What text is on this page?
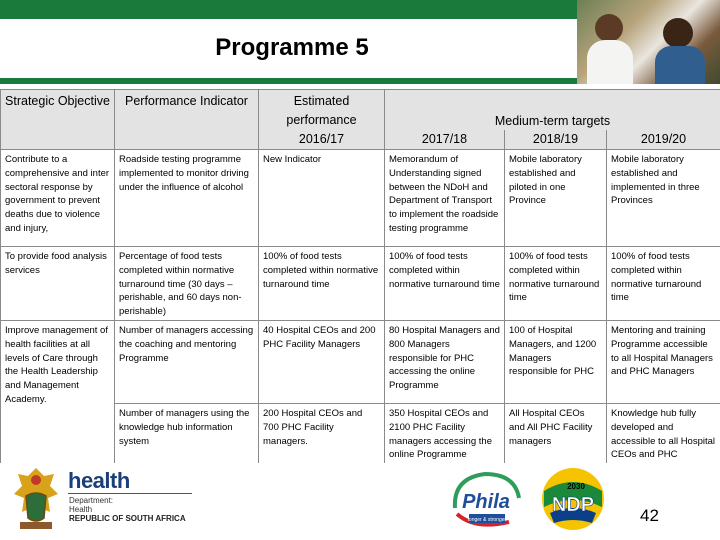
Programme 5
Strategic Objective	Performance Indicator	Estimated performance	Medium-term targets		
		2016/17	2017/18	2018/19	2019/20
Contribute to a comprehensive and inter sectoral response by government to prevent deaths due to violence and injury,	Roadside testing programme implemented to monitor driving under the influence of alcohol	New Indicator	Memorandum of Understanding signed between the NDoH and Department of Transport to implement the roadside testing programme	Mobile laboratory established and piloted in one Province	Mobile laboratory established and implemented in three Provinces
To provide food analysis services	Percentage of food tests completed within normative turnaround time (30 days – perishable, and 60 days non-perishable)	100% of food tests completed within normative turnaround time	100% of food tests completed within normative turnaround time	100% of food tests completed within normative turnaround time	100% of food tests completed within normative turnaround time
Improve management of health facilities at all levels of Care through the Health Leadership and Management Academy.	Number of managers accessing the coaching and mentoring Programme	40 Hospital CEOs and 200 PHC Facility Managers	80 Hospital Managers and 800 Managers responsible for PHC accessing the online Programme	100 of Hospital Managers, and 1200 Managers responsible for PHC	Mentoring and training Programme accessible to all Hospital Managers and PHC Managers
	Number of managers using the knowledge hub information system	200 Hospital CEOs and 700 PHC Facility managers.	350 Hospital CEOs and 2100 PHC Facility managers accessing the online Programme	All Hospital CEOs and All PHC Facility managers	Knowledge hub fully developed and accessible to all Hospital CEOs and PHC
health
Department:
Health
REPUBLIC OF SOUTH AFRICA
Phila
longer & stronger
2030
NDP	42
